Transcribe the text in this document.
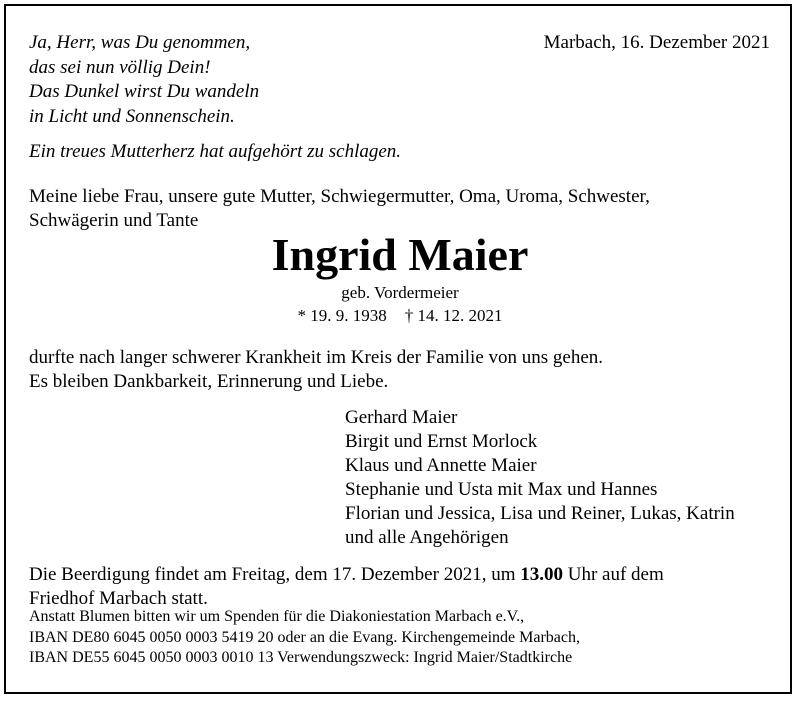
Ja, Herr, was Du genommen,
das sei nun völlig Dein!
Das Dunkel wirst Du wandeln
in Licht und Sonnenschein.
Marbach, 16. Dezember 2021
Ein treues Mutterherz hat aufgehört zu schlagen.
Meine liebe Frau, unsere gute Mutter, Schwiegermutter, Oma, Uroma, Schwester,
Schwägerin und Tante
Ingrid Maier
geb. Vordermeier
* 19. 9. 1938 † 14. 12. 2021
durfte nach langer schwerer Krankheit im Kreis der Familie von uns gehen.
Es bleiben Dankbarkeit, Erinnerung und Liebe.
Gerhard Maier
Birgit und Ernst Morlock
Klaus und Annette Maier
Stephanie und Usta mit Max und Hannes
Florian und Jessica, Lisa und Reiner, Lukas, Katrin
und alle Angehörigen
Die Beerdigung findet am Freitag, dem 17. Dezember 2021, um 13.00 Uhr auf dem
Friedhof Marbach statt.
Anstatt Blumen bitten wir um Spenden für die Diakoniestation Marbach e.V.,
IBAN DE80 6045 0050 0003 5419 20 oder an die Evang. Kirchengemeinde Marbach,
IBAN DE55 6045 0050 0003 0010 13 Verwendungszweck: Ingrid Maier/Stadtkirche
